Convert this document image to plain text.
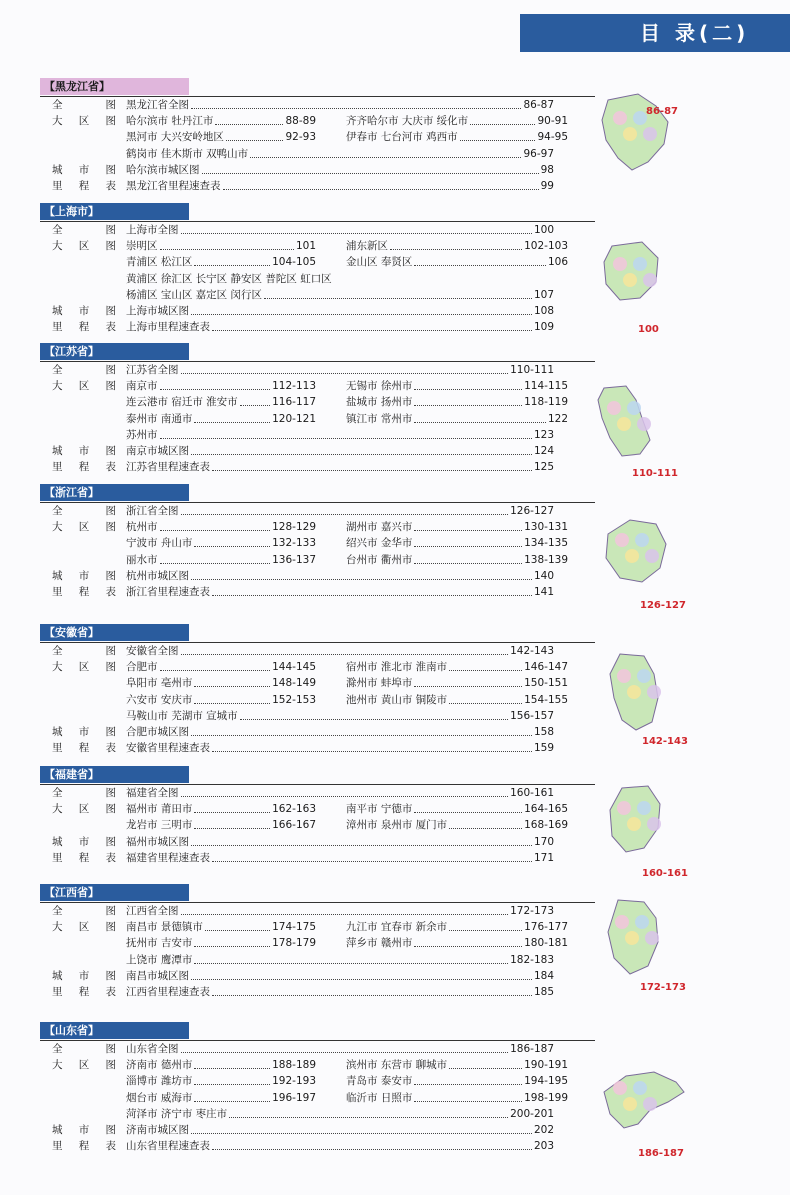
目 录(二)
【黑龙江省】
全 图 黑龙江省全图	86-87
大 区 图 哈尔滨市 牡丹江市	88-89	齐齐哈尔市 大庆市 绥化市	90-91
黑河市 大兴安岭地区	92-93	伊春市 七台河市 鸡西市	94-95
鹤岗市 佳木斯市 双鸭山市	96-97
城 市 图 哈尔滨市城区图	98
里 程 表 黑龙江省里程速查表	99
86-87
【上海市】
全 图 上海市全图	100
大 区 图 崇明区	101	浦东新区	102-103
青浦区 松江区	104-105	金山区 奉贤区	106
黄浦区 徐汇区 长宁区 静安区 普陀区 虹口区
杨浦区 宝山区 嘉定区 闵行区	107
城 市 图 上海市城区图	108
里 程 表 上海市里程速查表	109	100
【江苏省】
全 图 江苏省全图	110-111
大 区 图 南京市	112-113	无锡市 徐州市	114-115
连云港市 宿迁市 淮安市	116-117	盐城市 扬州市	118-119
泰州市 南通市	120-121	镇江市 常州市	122
苏州市	123
城 市 图 南京市城区图	124
里 程 表 江苏省里程速查表	125
110-111
【浙江省】
全 图 浙江省全图	126-127
大 区 图 杭州市	128-129	湖州市 嘉兴市	130-131
宁波市 舟山市	132-133	绍兴市 金华市	134-135
丽水市	136-137	台州市 衢州市	138-139
城 市 图 杭州市城区图	140
里 程 表 浙江省里程速查表	141
126-127
【安徽省】
全 图 安徽省全图	142-143
大 区 图 合肥市	144-145	宿州市 淮北市 淮南市	146-147
阜阳市 亳州市	148-149	滁州市 蚌埠市	150-151
六安市 安庆市	152-153	池州市 黄山市 铜陵市	154-155
马鞍山市 芜湖市 宣城市	156-157
城 市 图 合肥市城区图	158
里 程 表 安徽省里程速查表	159
142-143
【福建省】
全 图 福建省全图	160-161
大 区 图 福州市 莆田市	162-163	南平市 宁德市	164-165
龙岩市 三明市	166-167	漳州市 泉州市 厦门市	168-169
城 市 图 福州市城区图	170
里 程 表 福建省里程速查表	171
160-161
【江西省】
全 图 江西省全图	172-173
大 区 图 南昌市 景德镇市	174-175	九江市 宜春市 新余市	176-177
抚州市 吉安市	178-179	萍乡市 赣州市	180-181
上饶市 鹰潭市	182-183
城 市 图 南昌市城区图	184
里 程 表 江西省里程速查表	185	172-173
【山东省】
全 图 山东省全图	186-187
大 区 图 济南市 德州市	188-189	滨州市 东营市 聊城市	190-191
淄博市 潍坊市	192-193	青岛市 泰安市	194-195
烟台市 威海市	196-197	临沂市 日照市	198-199
菏泽市 济宁市 枣庄市	200-201
城 市 图 济南市城区图	202
里 程 表 山东省里程速查表	203
186-187
